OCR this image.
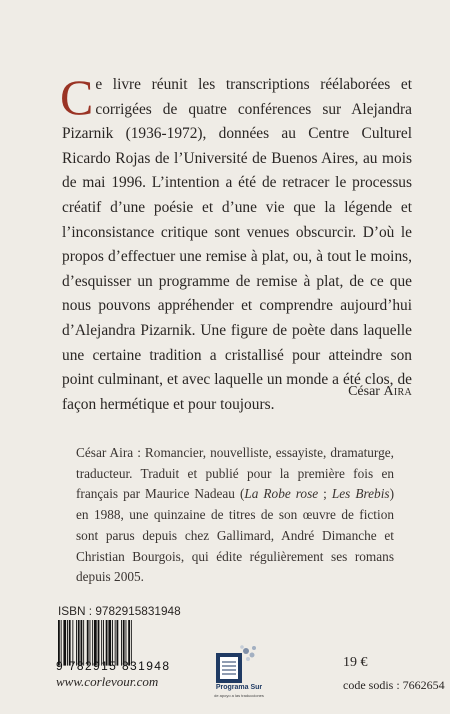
Ce livre réunit les transcriptions réélaborées et corrigées de quatre conférences sur Alejandra Pizarnik (1936-1972), données au Centre Culturel Ricardo Rojas de l’Université de Buenos Aires, au mois de mai 1996. L’intention a été de retracer le processus créatif d’une poésie et d’une vie que la légende et l’inconsistance critique sont venues obscurcir. D’où le propos d’effectuer une remise à plat, ou, à tout le moins, d’esquisser un programme de remise à plat, de ce que nous pouvons appréhender et comprendre aujourd’hui d’Alejandra Pizarnik. Une figure de poète dans laquelle une certaine tradition a cristallisé pour atteindre son point culminant, et avec laquelle un monde a été clos, de façon hermétique et pour toujours.

César Aira

César Aira : Romancier, nouvelliste, essayiste, dramaturge, traducteur. Traduit et publié pour la première fois en français par Maurice Nadeau (La Robe rose ; Les Brebis) en 1988, une quinzaine de titres de son œuvre de fiction sont parus depuis chez Gallimard, André Dimanche et Christian Bourgois, qui édite régulièrement ses romans depuis 2005.

ISBN : 9782915831948
9 782915 831948
www.corlevour.com	Programa Sur
de apoyo a las traducciones
19 €
code sodis : 7662654
